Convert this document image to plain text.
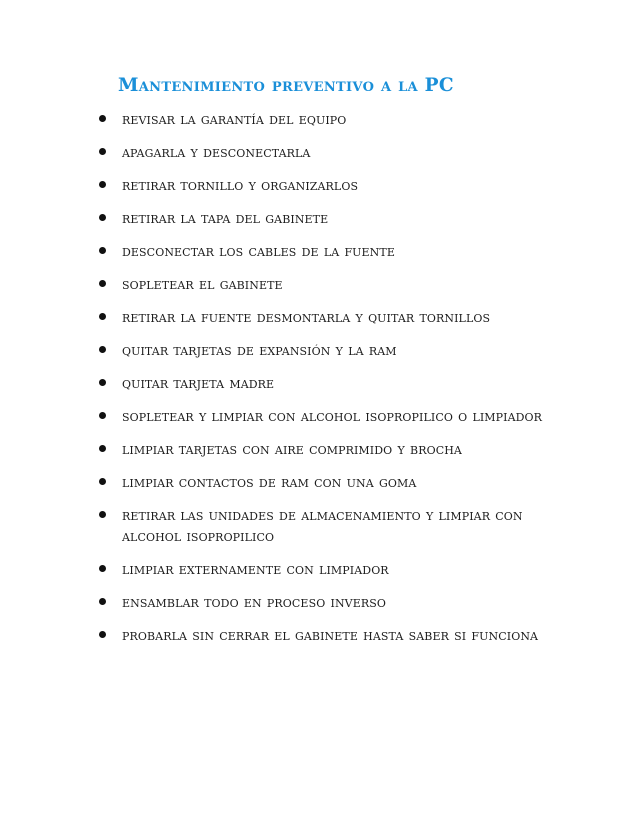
Mantenimiento preventivo a la PC
revisar la garantía del equipo
apagarla y desconectarla
retirar tornillo y organizarlos
retirar la tapa del gabinete
desconectar los cables de la fuente
sopletear el gabinete
retirar la fuente desmontarla y quitar tornillos
quitar tarjetas de expansión y la ram
quitar tarjeta madre
sopletear y limpiar con alcohol isopropilico o limpiador
limpiar tarjetas con aire comprimido y brocha
limpiar contactos de ram con una goma
retirar las unidades de almacenamiento y limpiar con alcohol isopropilico
limpiar externamente con limpiador
ensamblar todo en proceso inverso
probarla sin cerrar el gabinete hasta saber si funciona
